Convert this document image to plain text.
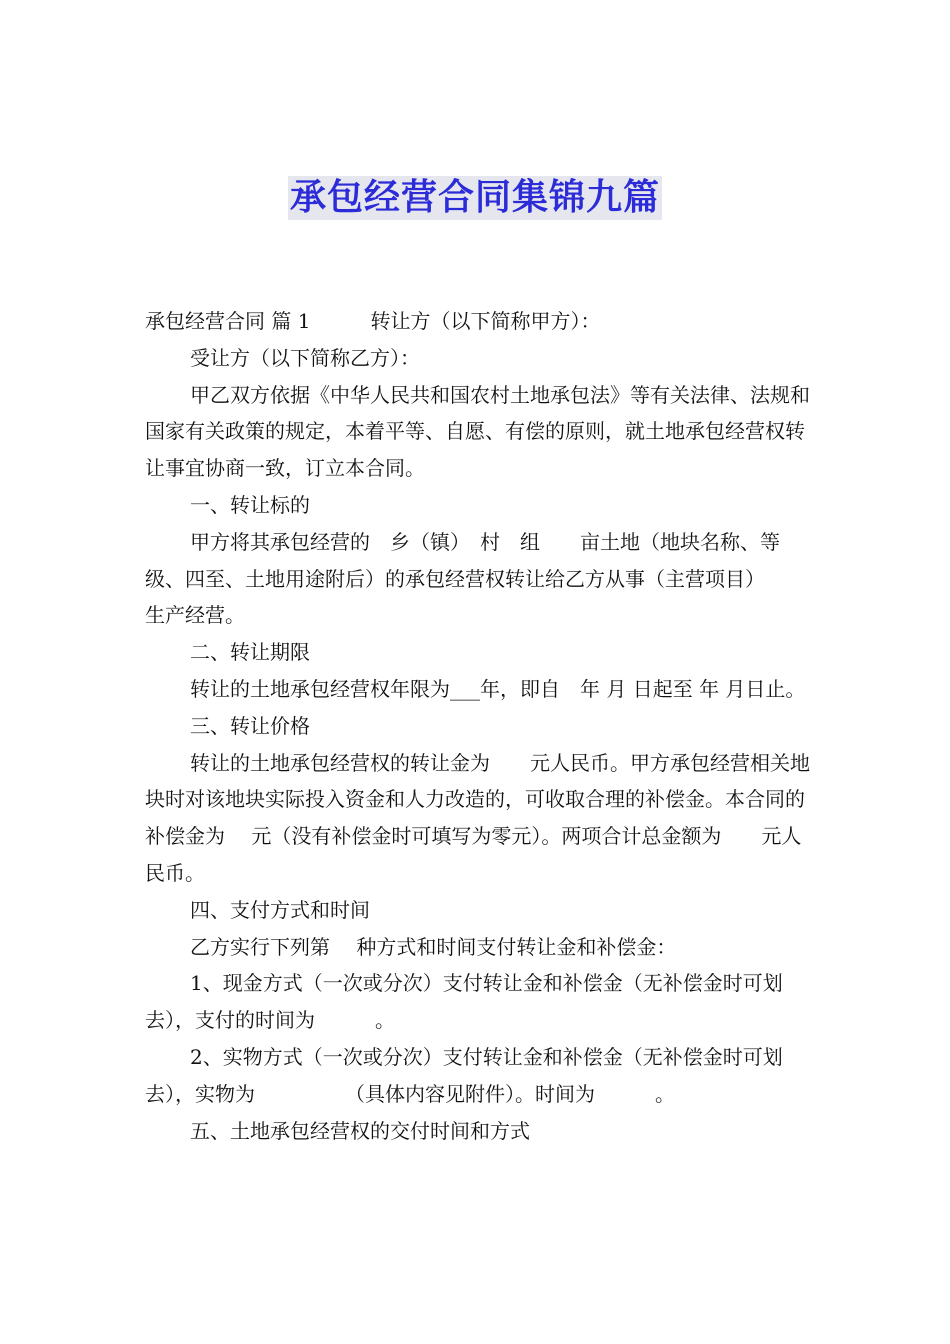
承包经营合同集锦九篇

承包经营合同 篇 1　　　转让方（以下简称甲方）：

受让方（以下简称乙方）：

甲乙双方依据《中华人民共和国农村土地承包法》等有关法律、法规和国家有关政策的规定，本着平等、自愿、有偿的原则，就土地承包经营权转让事宜协商一致，订立本合同。

一、转让标的

甲方将其承包经营的　乡（镇）　村　组　　亩土地（地块名称、等级、四至、土地用途附后）的承包经营权转让给乙方从事（主营项目）　　　生产经营。

二、转让期限

转让的土地承包经营权年限为___年，即自　年 月 日起至 年 月日止。

三、转让价格

转让的土地承包经营权的转让金为　　元人民币。甲方承包经营相关地块时对该地块实际投入资金和人力改造的，可收取合理的补偿金。本合同的补偿金为　 元（没有补偿金时可填写为零元）。两项合计总金额为　　元人民币。

四、支付方式和时间

乙方实行下列第　 种方式和时间支付转让金和补偿金：

1、现金方式（一次或分次）支付转让金和补偿金（无补偿金时可划去），支付的时间为　　　。

2、实物方式（一次或分次）支付转让金和补偿金（无补偿金时可划去），实物为　　　　　（具体内容见附件）。时间为　　　。

五、土地承包经营权的交付时间和方式
